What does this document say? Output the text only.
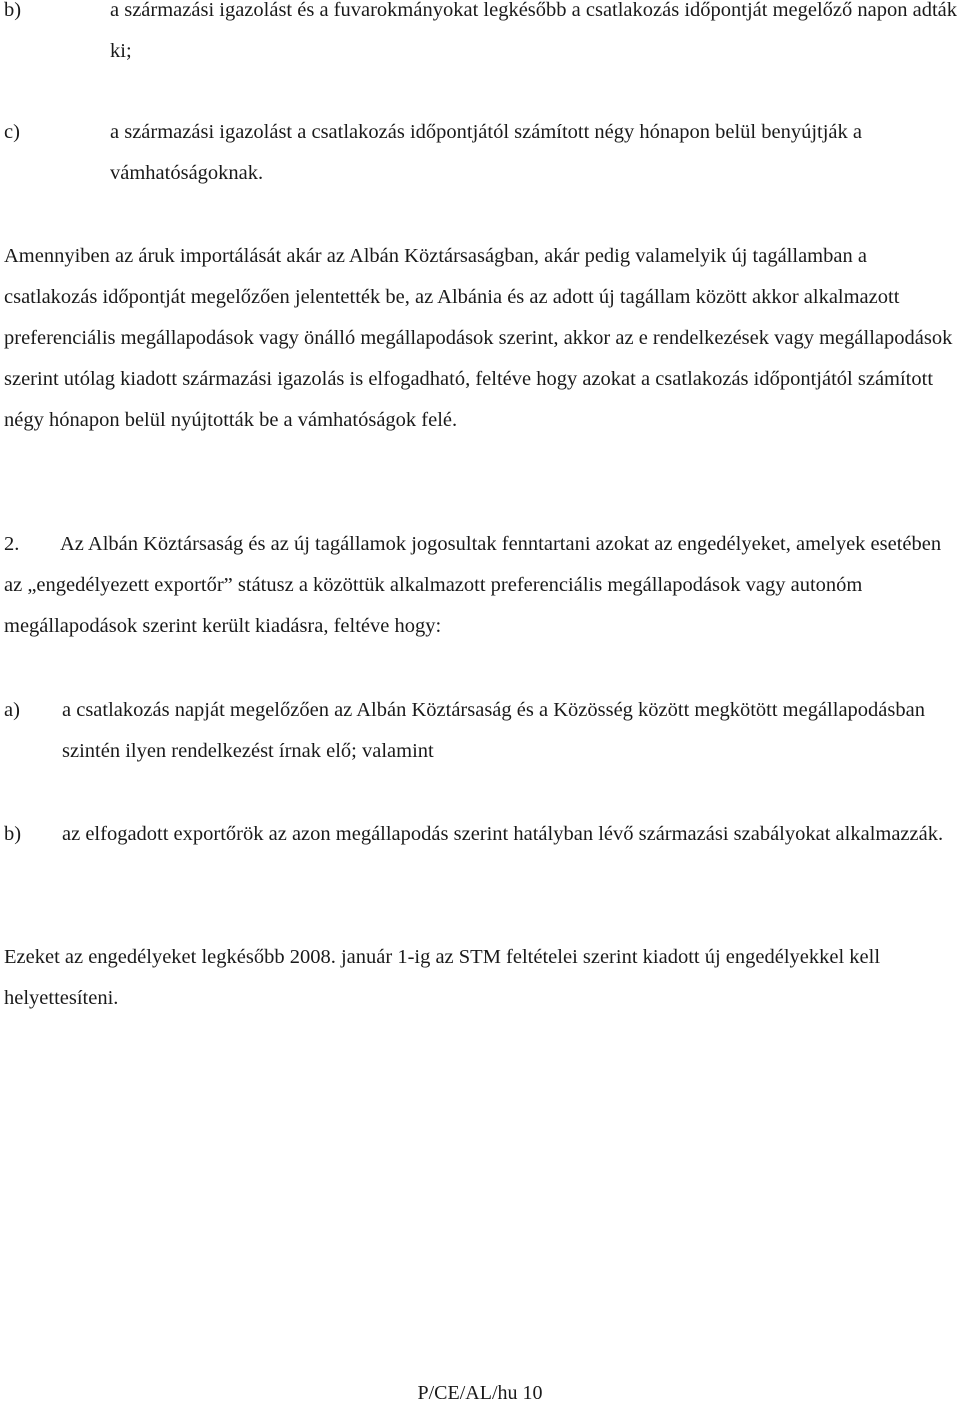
b)	a származási igazolást és a fuvarokmányokat legkésőbb a csatlakozás időpontját megelőző napon adták ki;

c)	a származási igazolást a csatlakozás időpontjától számított négy hónapon belül benyújtják a vámhatóságoknak.

Amennyiben az áruk importálását akár az Albán Köztársaságban, akár pedig valamelyik új tagállamban a csatlakozás időpontját megelőzően jelentették be, az Albánia és az adott új tagállam között akkor alkalmazott preferenciális megállapodások vagy önálló megállapodások szerint, akkor az e rendelkezések vagy megállapodások szerint utólag kiadott származási igazolás is elfogadható, feltéve hogy azokat a csatlakozás időpontjától számított négy hónapon belül nyújtották be a vámhatóságok felé.

2.	Az Albán Köztársaság és az új tagállamok jogosultak fenntartani azokat az engedélyeket, amelyek esetében az „engedélyezett exportőr” státusz a közöttük alkalmazott preferenciális megállapodások vagy autonóm megállapodások szerint került kiadásra, feltéve hogy:

a) a csatlakozás napját megelőzően az Albán Köztársaság és a Közösség között megkötött megállapodásban szintén ilyen rendelkezést írnak elő; valamint

b) az elfogadott exportőrök az azon megállapodás szerint hatályban lévő származási szabályokat alkalmazzák.

Ezeket az engedélyeket legkésőbb 2008. január 1-ig az STM feltételei szerint kiadott új engedélyekkel kell helyettesíteni.

P/CE/AL/hu 10
